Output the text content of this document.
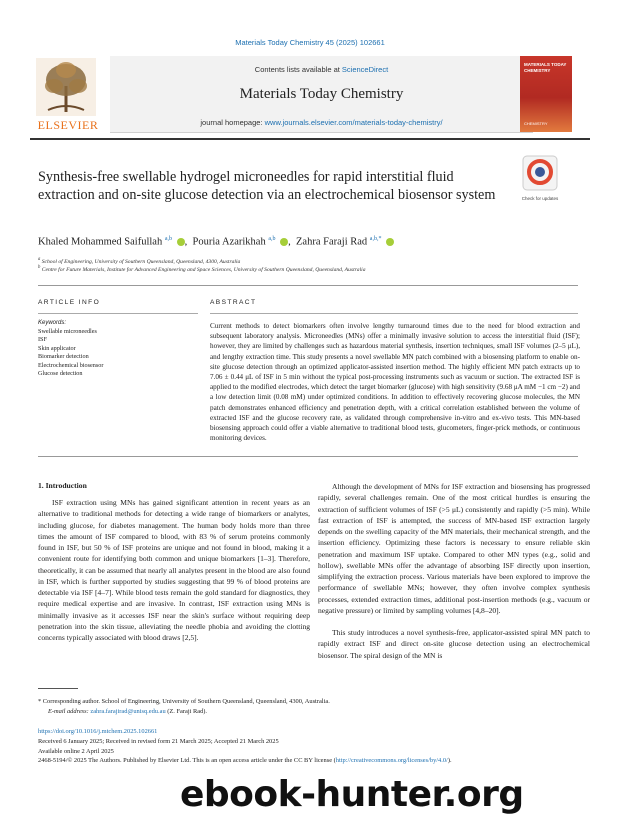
Materials Today Chemistry 45 (2025) 102661
ELSEVIER
Contents lists available at ScienceDirect
Materials Today Chemistry
journal homepage: www.journals.elsevier.com/materials-today-chemistry/
MATERIALS TODAY CHEMISTRY
CHEMISTRY
Synthesis-free swellable hydrogel microneedles for rapid interstitial fluid extraction and on-site glucose detection via an electrochemical biosensor system	Check for updates
Khaled Mohammed Saifullah $^{a,b}$ ,  Pouria Azarikhah $^{a,b}$ ,  Zahra Faraji Rad $^{a,b,*}$
$^a$ School of Engineering, University of Southern Queensland, Queensland, 4300, Australia
$^b$ Centre for Future Materials, Institute for Advanced Engineering and Space Sciences, University of Southern Queensland, Queensland, Australia
ARTICLE INFO	ABSTRACT
Keywords:
Swellable microneedles
ISF
Skin applicator
Biomarker detection
Electrochemical biosensor
Glucose detection

Current methods to detect biomarkers often involve lengthy turnaround times due to the need for blood extraction and subsequent laboratory analysis. Microneedles (MNs) offer a minimally invasive solution to access the interstitial fluid (ISF); however, they are limited by challenges such as hazardous material synthesis, insertion techniques, small ISF volumes (2–5 μL), and lengthy extraction time. This study presents a novel swellable MN patch combined with a biosensing platform to enable on-site glucose detection through an optimized applicator-assisted insertion method. The highly efficient MN patch extracts up to 7.06 ± 0.44 μL of ISF in 5 min without the typical post-processing instruments such as vacuum or suction. The extracted ISF is applied to the modified electrodes, which detect the target biomarker (glucose) with high sensitivity (9.68 μA mM −1 cm −2) and a low detection limit (0.08 mM) under optimized conditions. In addition to effectively recovering glucose molecules, the MN patch demonstrates enhanced efficiency and penetration depth, with a critical correlation established between the volume of extracted ISF and the glucose recovery rate, as validated through comprehensive in-vitro and ex-vivo tests. This MN-based biosensing approach could offer a viable alternative to traditional blood tests, glucometers, finger-prick methods, or continuous monitoring devices.

1. Introduction

ISF extraction using MNs has gained significant attention in recent years as an alternative to traditional methods for detecting a wide range of biomarkers or analytes, including glucose, for diabetes management. The human body holds more than three times the amount of ISF compared to blood, with 83 % of serum proteins commonly found in ISF, but 50 % of ISF proteins are unique and not found in blood, making it a convenient route for identifying both common and unique biomarkers [1–3]. Therefore, theoretically, it can be assumed that nearly all analytes present in the blood are also found in ISF, which is further supported by studies suggesting that 99 % of blood proteins are detectable via ISF [4–7]. While blood tests remain the gold standard for diagnostics, they require medical expertise and are invasive. In contrast, ISF extraction using MNs is minimally invasive as it accesses ISF near the skin's surface without requiring deep penetration into the skin tissue, alleviating the needle phobia and avoiding the clotting concerns typically associated with blood draws [2,5].

Although the development of MNs for ISF extraction and biosensing has progressed rapidly, several challenges remain. One of the most critical hurdles is ensuring the extraction of sufficient volumes of ISF (>5 μL) consistently and rapidly (>5 min). While fast extraction of ISF is attempted, the success of MN-based ISF extraction largely depends on the swelling capacity of the MN materials, their mechanical strength, and the insertion efficiency. Optimizing these factors is necessary to ensure reliable skin penetration and maximum ISF uptake. Compared to other MN types (e.g., solid and hollow), swellable MNs offer the advantage of absorbing ISF directly upon insertion, simplifying the extraction process. Various materials have been explored to improve the performance of swellable MNs; however, they often involve complex synthesis processes, extended extraction times, additional post-insertion methods (e.g., vacuum or negative pressure) or limited by sampling volumes [4,8–20].

This study introduces a novel synthesis-free, applicator-assisted spiral MN patch to rapidly extract ISF and direct on-site glucose detection using an electrochemical biosensor. The spiral design of the MN is

* Corresponding author. School of Engineering, University of Southern Queensland, Queensland, 4300, Australia.
E-mail address: zahra.farajirad@unisq.edu.au (Z. Faraji Rad).
https://doi.org/10.1016/j.mtchem.2025.102661
Received 6 January 2025; Received in revised form 21 March 2025; Accepted 21 March 2025
Available online 2 April 2025
2468-5194/© 2025 The Authors. Published by Elsevier Ltd. This is an open access article under the CC BY license (http://creativecommons.org/licenses/by/4.0/).
ebook-hunter.org
